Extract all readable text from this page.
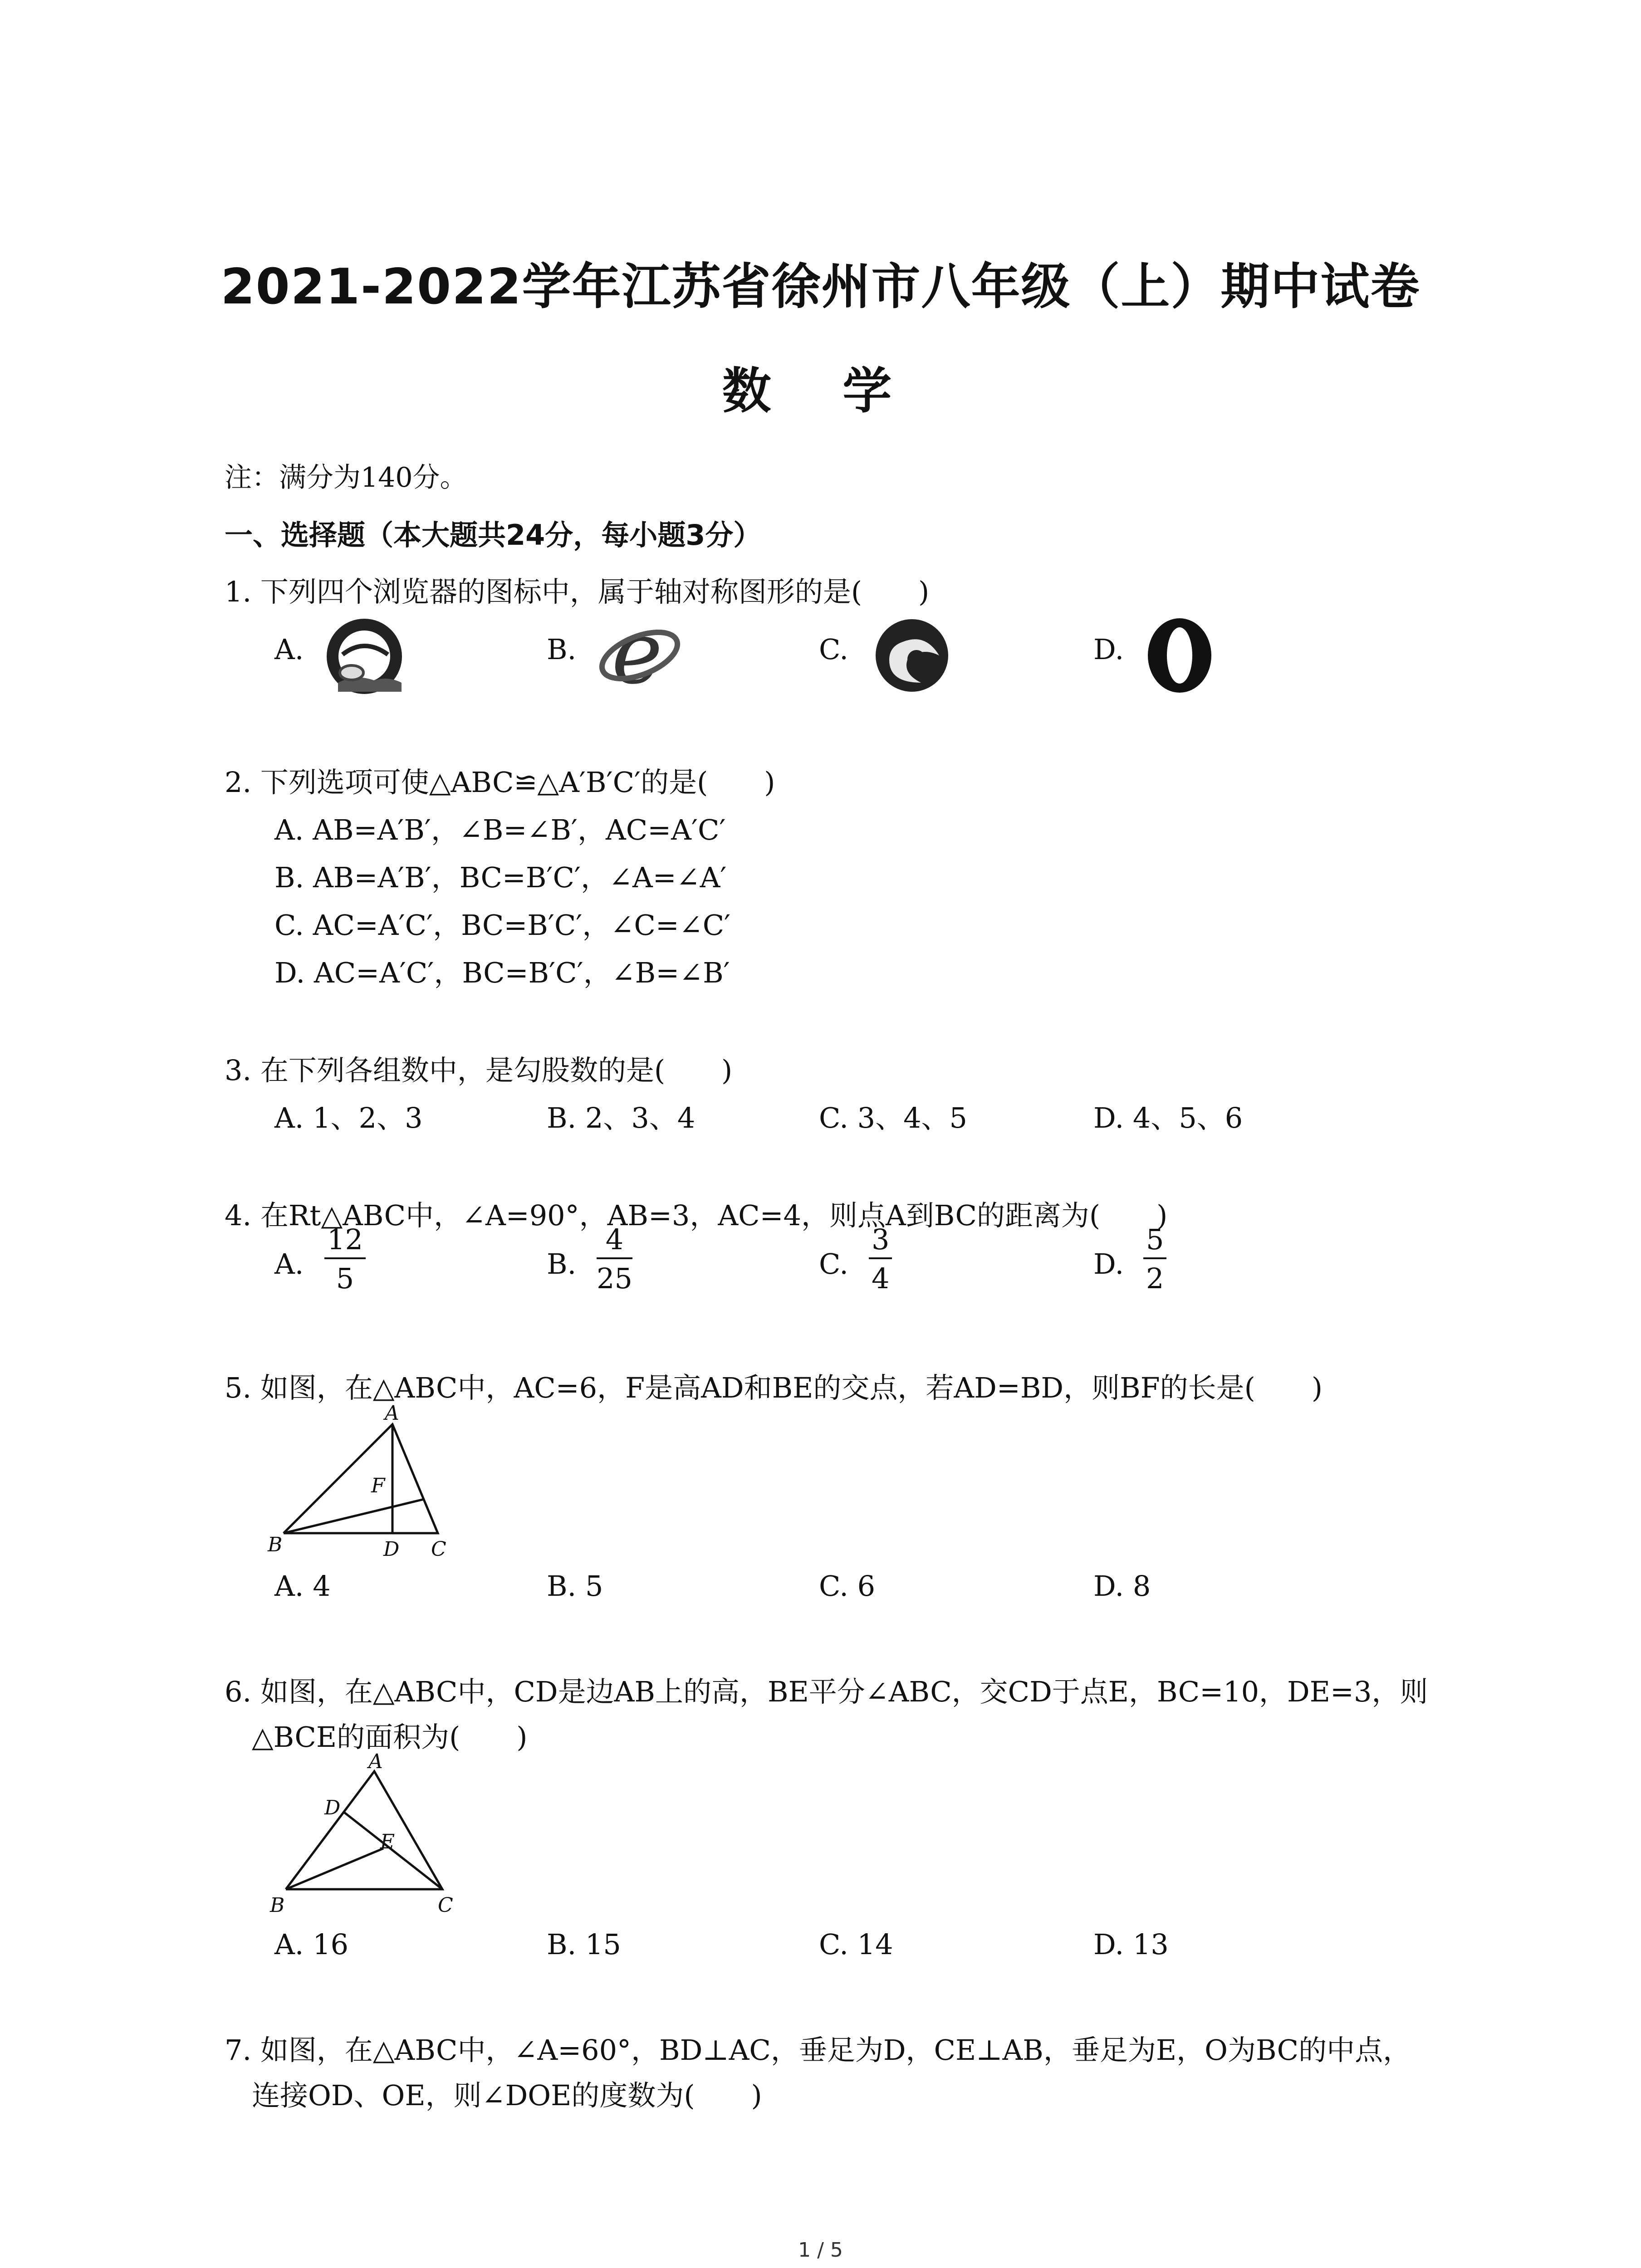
2021-2022学年江苏省徐州市八年级（上）期中试卷
数 学
注：满分为140分。
一、选择题（本大题共24分，每小题3分）
1. 下列四个浏览器的图标中，属于轴对称图形的是(　　)
A.	B.	C.	D.
e
2. 下列选项可使△ABC≌△A′B′C′的是(　　)
A. AB=A′B′，∠B=∠B′，AC=A′C′
B. AB=A′B′，BC=B′C′，∠A=∠A′
C. AC=A′C′，BC=B′C′，∠C=∠C′
D. AC=A′C′，BC=B′C′，∠B=∠B′
3. 在下列各组数中，是勾股数的是(　　)
A. 1、2、3	B. 2、3、4	C. 3、4、5	D. 4、5、6
4. 在Rt△ABC中，∠A=90°，AB=3，AC=4，则点A到BC的距离为(　　)
A. $\frac{12}{5}$	B. $\frac{4}{25}$	C. $\frac{3}{4}$	D. $\frac{5}{2}$
5. 如图，在△ABC中，AC=6，F是高AD和BE的交点，若AD=BD，则BF的长是(　　)
A
F
B	D C
A. 4	B. 5	C. 6	D. 8
6. 如图，在△ABC中，CD是边AB上的高，BE平分∠ABC，交CD于点E，BC=10，DE=3，则
△BCE的面积为(　　)
A
D
E
B	C
A. 16	B. 15	C. 14	D. 13
7. 如图，在△ABC中，∠A=60°，BD⊥AC，垂足为D，CE⊥AB，垂足为E，O为BC的中点，
连接OD、OE，则∠DOE的度数为(　　)
1 / 5
